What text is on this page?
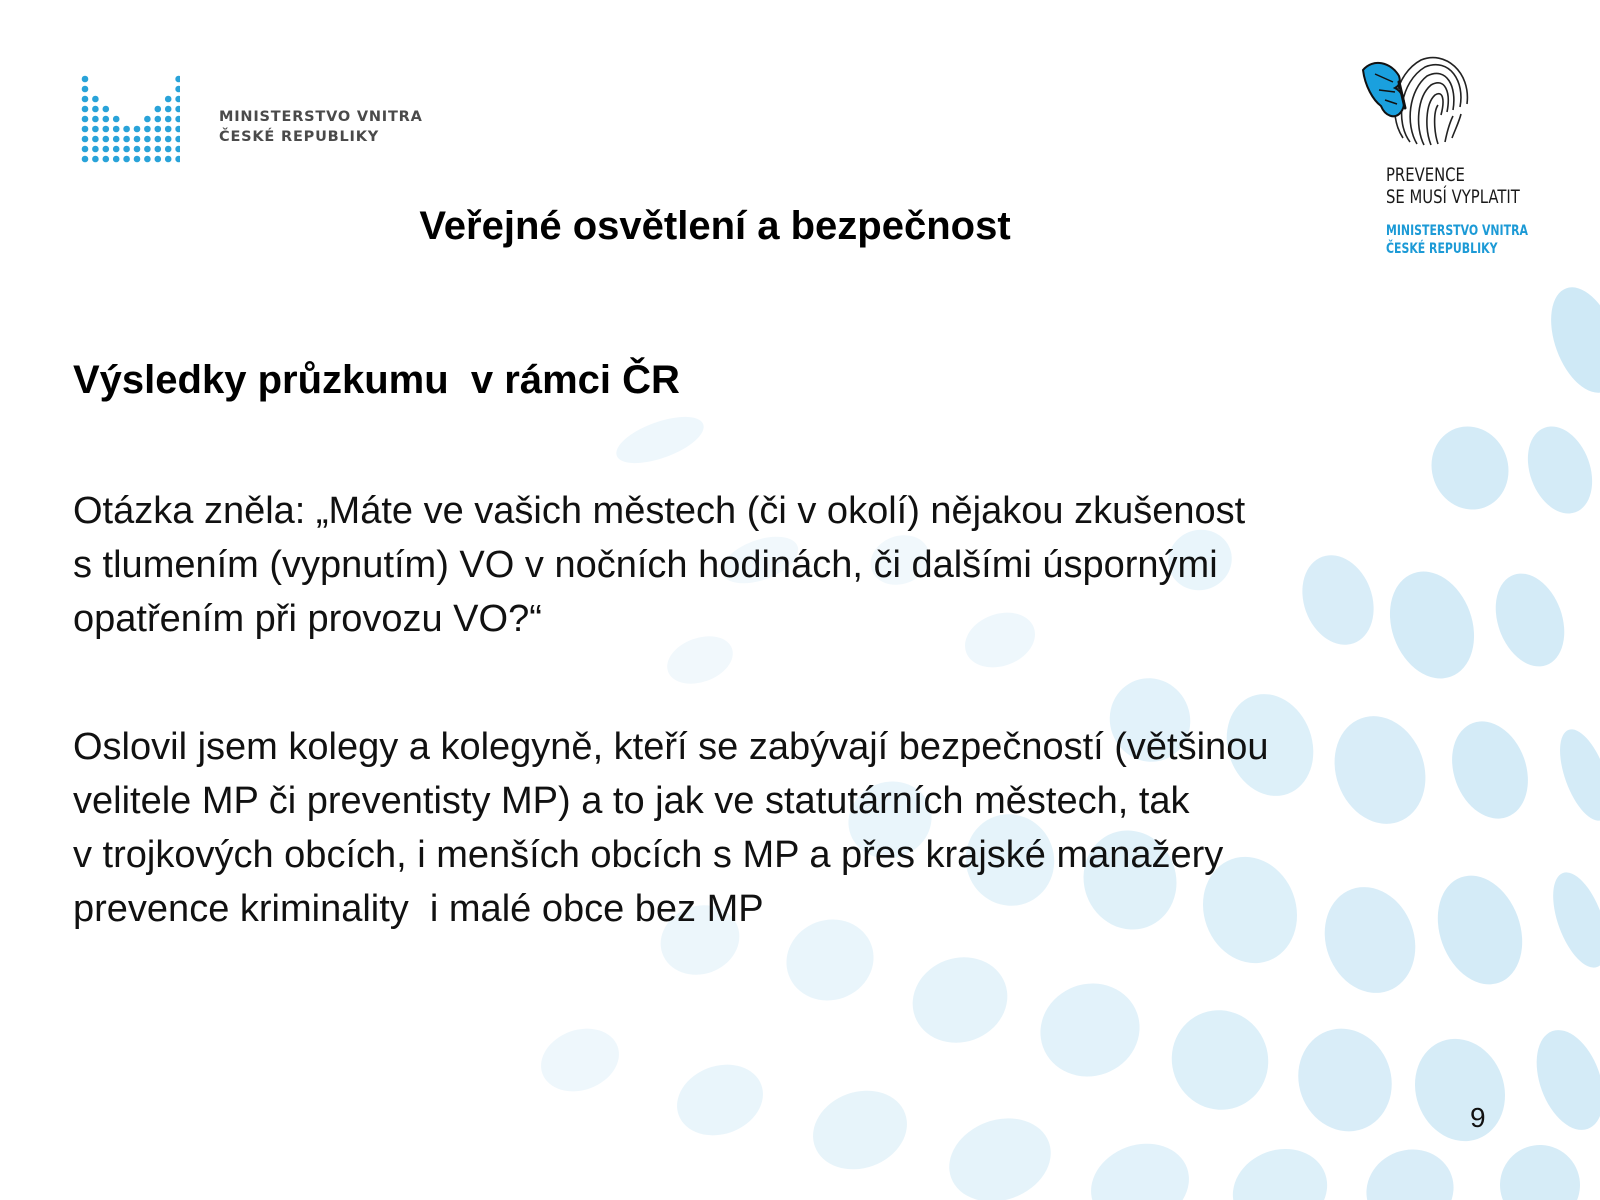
MINISTERSTVO VNITRA
ČESKÉ REPUBLIKY
PREVENCE
SE MUSÍ VYPLATIT
MINISTERSTVO VNITRA
ČESKÉ REPUBLIKY
Veřejné osvětlení a bezpečnost
Výsledky průzkumu  v rámci ČR
Otázka zněla: „Máte ve vašich městech (či v okolí) nějakou zkušenost
s tlumením (vypnutím) VO v nočních hodinách, či dalšími úspornými
opatřením při provozu VO?“
Oslovil jsem kolegy a kolegyně, kteří se zabývají bezpečností (většinou
velitele MP či preventisty MP) a to jak ve statutárních městech, tak
v trojkových obcích, i menších obcích s MP a přes krajské manažery
prevence kriminality  i malé obce bez MP
9
